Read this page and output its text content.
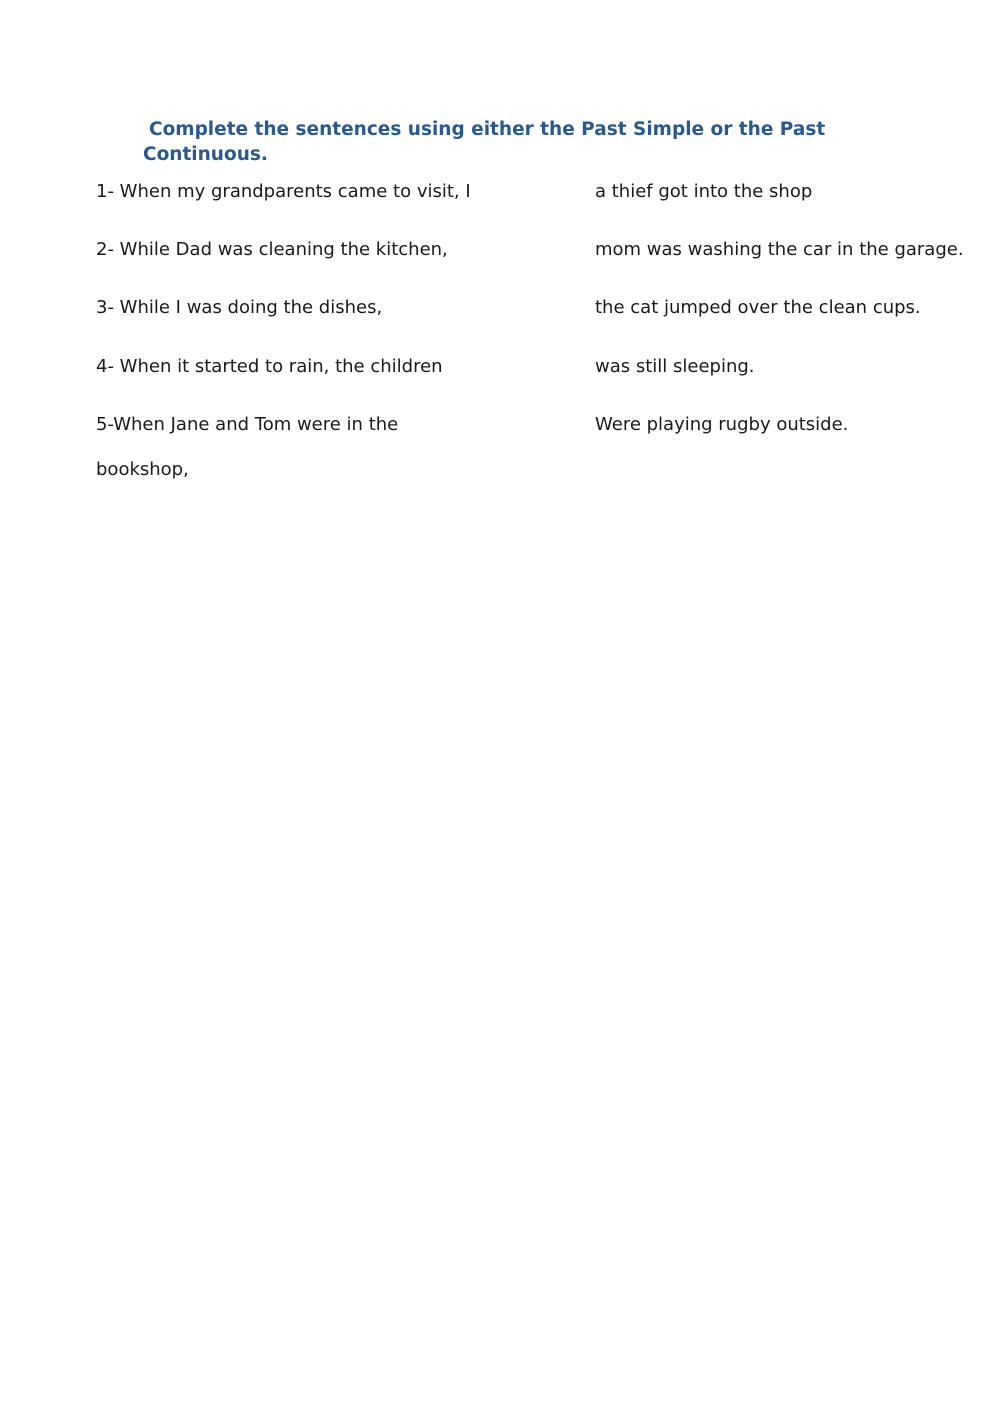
Complete the sentences using either the Past Simple or the Past
Continuous.

1- When my grandparents came to visit, I	a thief got into the shop

2- While Dad was cleaning the kitchen,	mom was washing the car in the garage.

3- While I was doing the dishes,	the cat jumped over the clean cups.

4- When it started to rain, the children	was still sleeping.

5-When Jane and Tom were in the	Were playing rugby outside.

bookshop,
